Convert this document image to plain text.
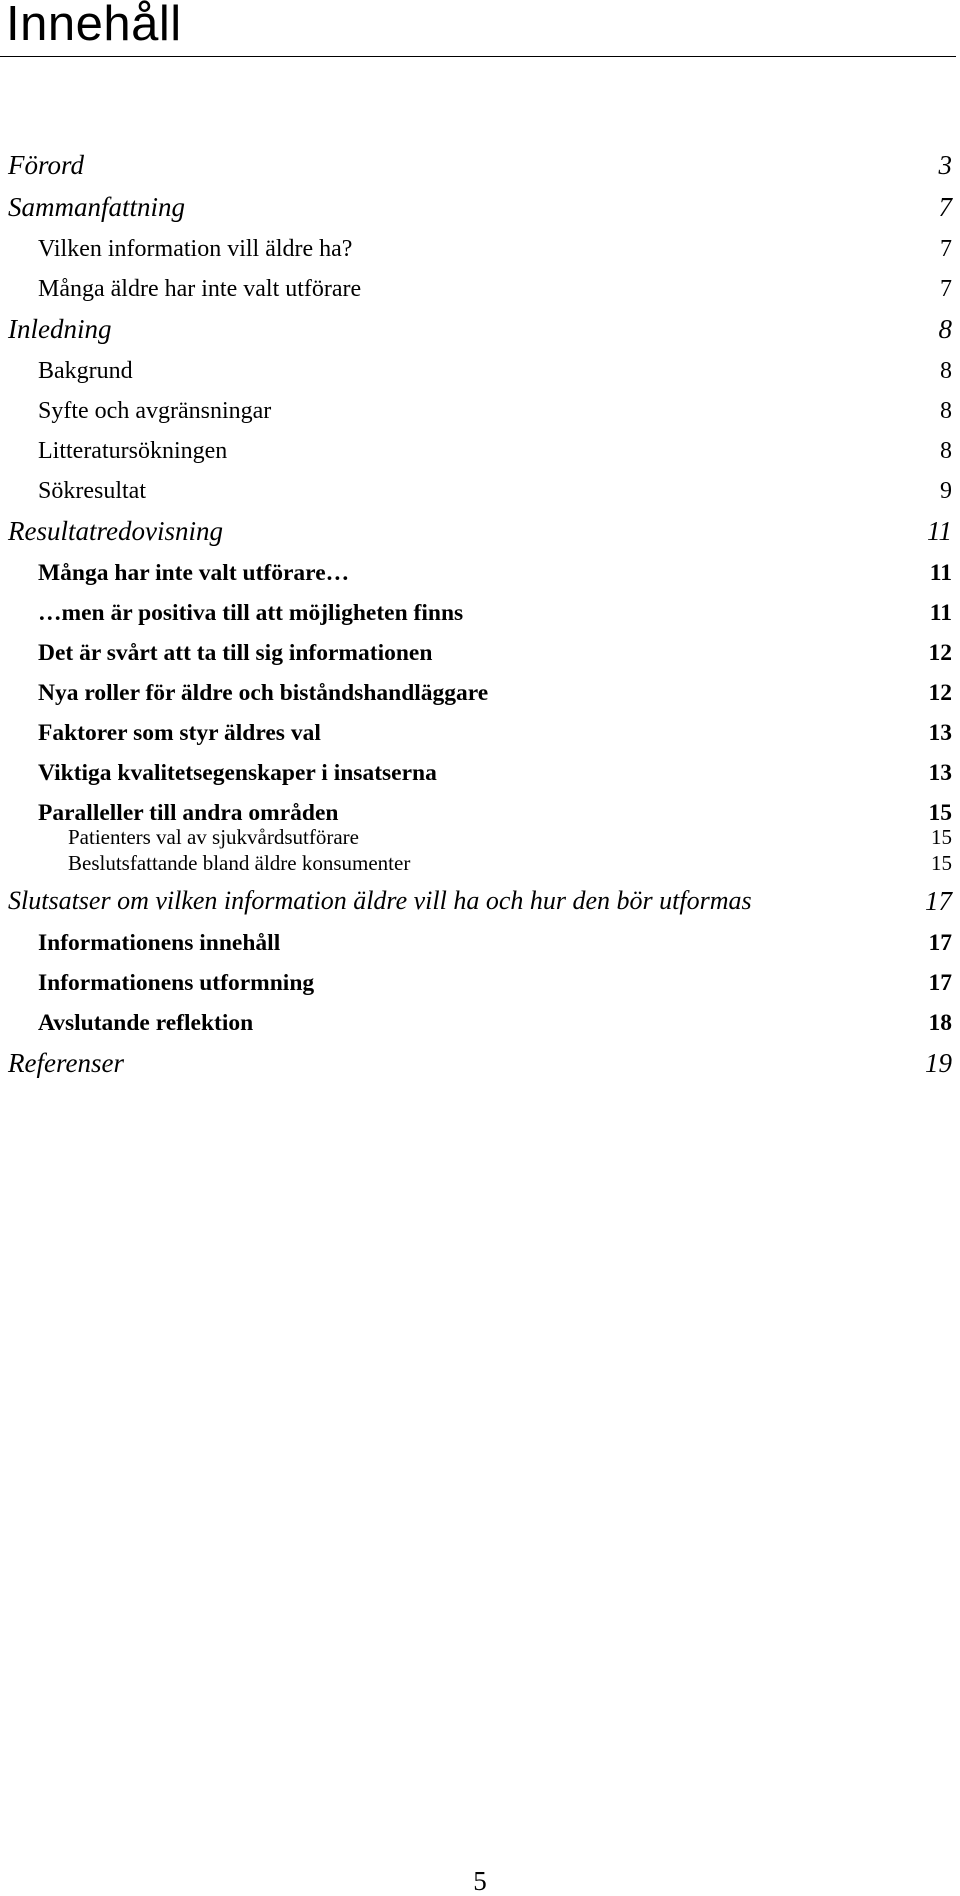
Innehåll
Förord	3
Sammanfattning	7
Vilken information vill äldre ha?	7
Många äldre har inte valt utförare	7
Inledning	8
Bakgrund	8
Syfte och avgränsningar	8
Litteratursökningen	8
Sökresultat	9
Resultatredovisning	11
Många har inte valt utförare…	11
…men är positiva till att möjligheten finns	11
Det är svårt att ta till sig informationen	12
Nya roller för äldre och biståndshandläggare	12
Faktorer som styr äldres val	13
Viktiga kvalitetsegenskaper i insatserna	13
Paralleller till andra områden	15
Patienters val av sjukvårdsutförare	15
Beslutsfattande bland äldre konsumenter	15
Slutsatser om vilken information äldre vill ha och hur den bör utformas	17
Informationens innehåll	17
Informationens utformning	17
Avslutande reflektion	18
Referenser	19
5
